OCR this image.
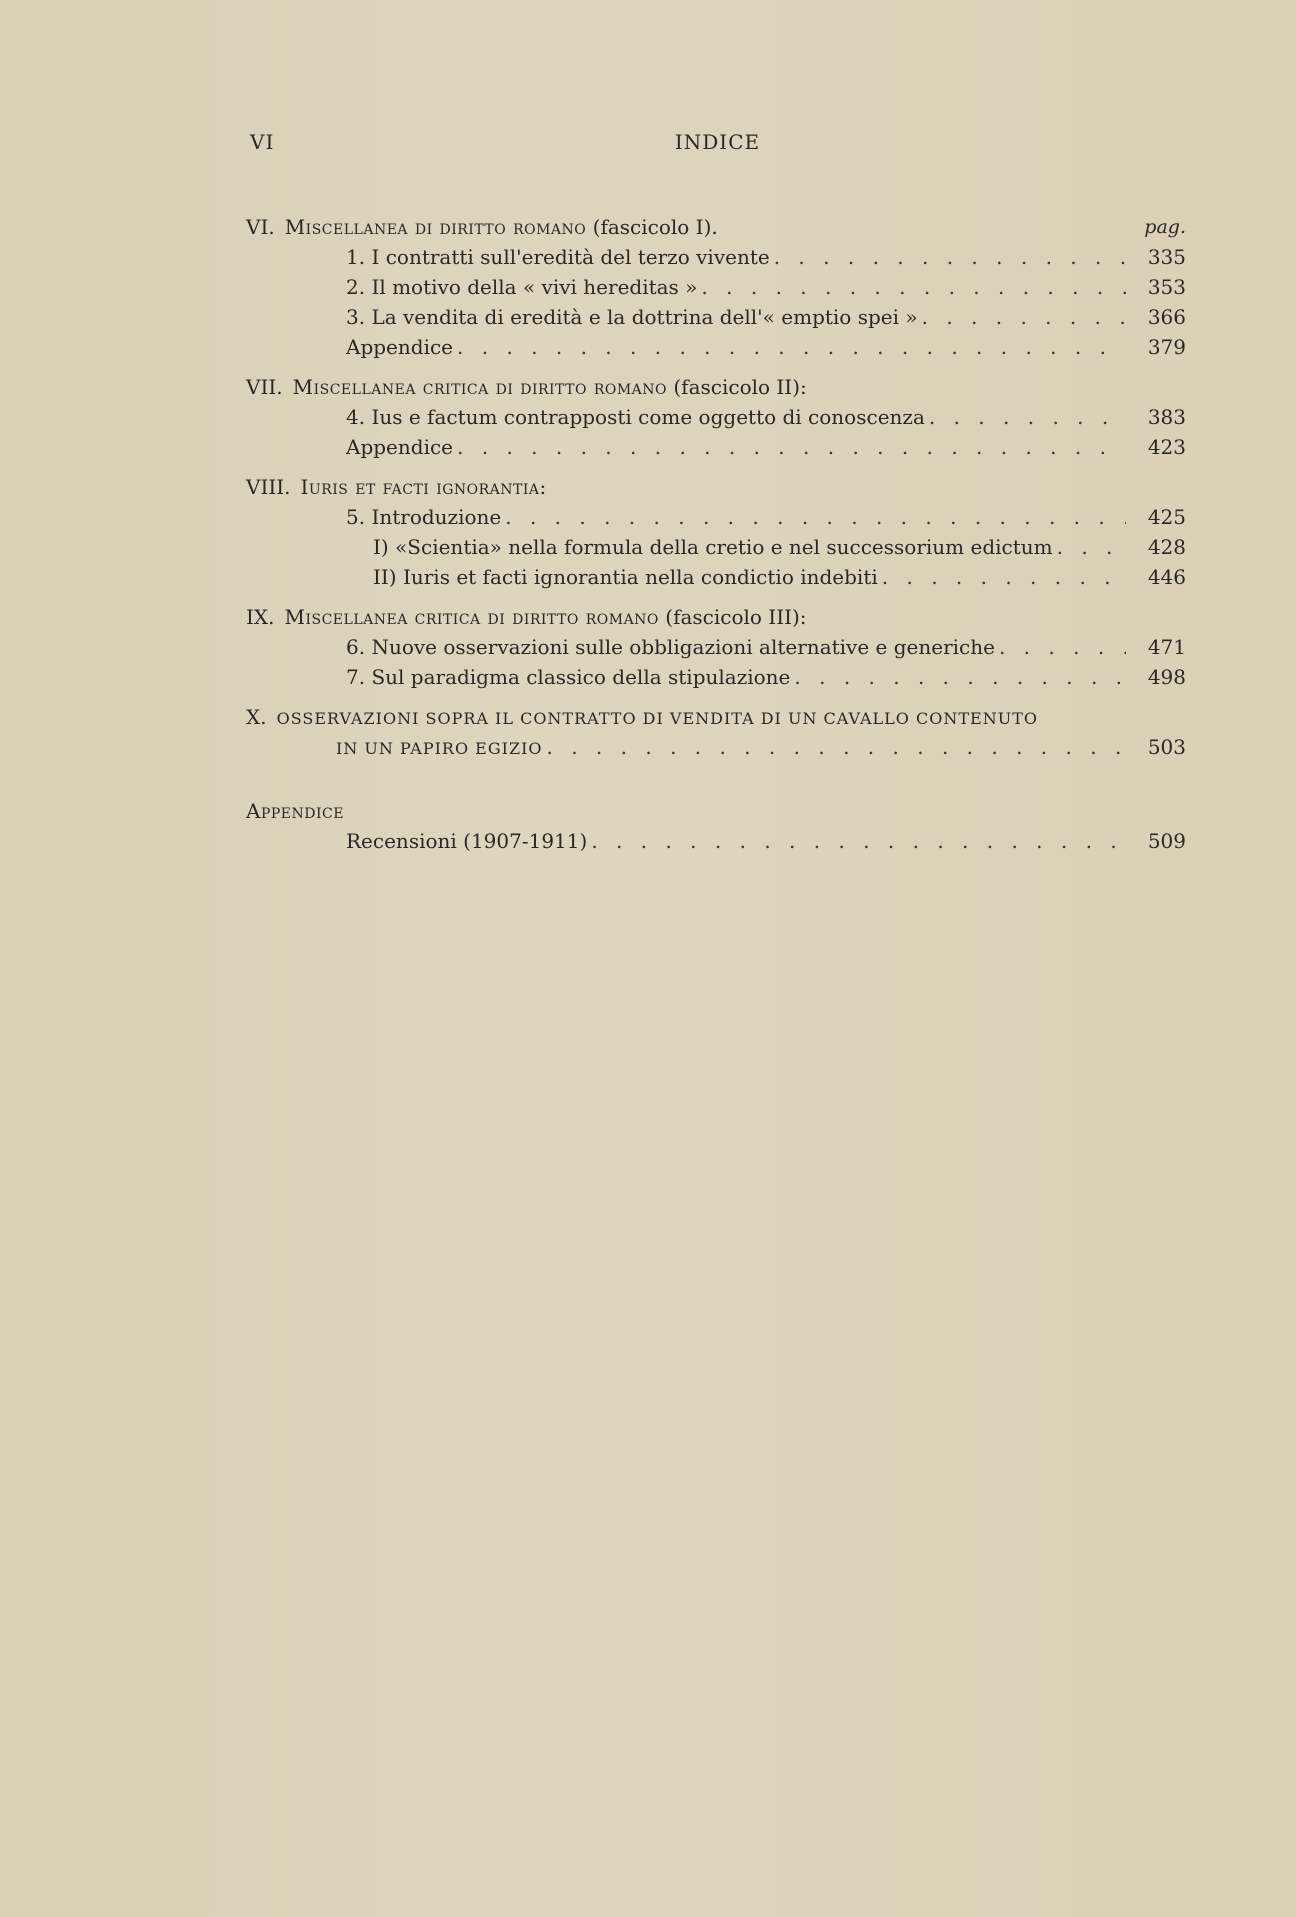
VI	INDICE
VI. Miscellanea di diritto romano (fascicolo I).	pag.
1. I contratti sull'eredità del terzo vivente . . .	335
2. Il motivo della « vivi hereditas » . . .	353
3. La vendita di eredità e la dottrina dell'« emptio spei » . . .	366
Appendice . . .	379
VII. Miscellanea critica di diritto romano (fascicolo II):
4. Ius e factum contrapposti come oggetto di conoscenza . . .	383
Appendice . . .	423
VIII. Iuris et facti ignorantia:
5. Introduzione . . .	425
I) «Scientia» nella formula della cretio e nel successorium edictum . . .	428
II) Iuris et facti ignorantia nella condictio indebiti . . .	446
IX. Miscellanea critica di diritto romano (fascicolo III):
6. Nuove osservazioni sulle obbligazioni alternative e generiche . . .	471
7. Sul paradigma classico della stipulazione . . .	498
X. OSSERVAZIONI SOPRA IL CONTRATTO DI VENDITA DI UN CAVALLO CONTENUTO
IN UN PAPIRO EGIZIO . . .	503
Appendice
Recensioni (1907-1911) . . .	509
